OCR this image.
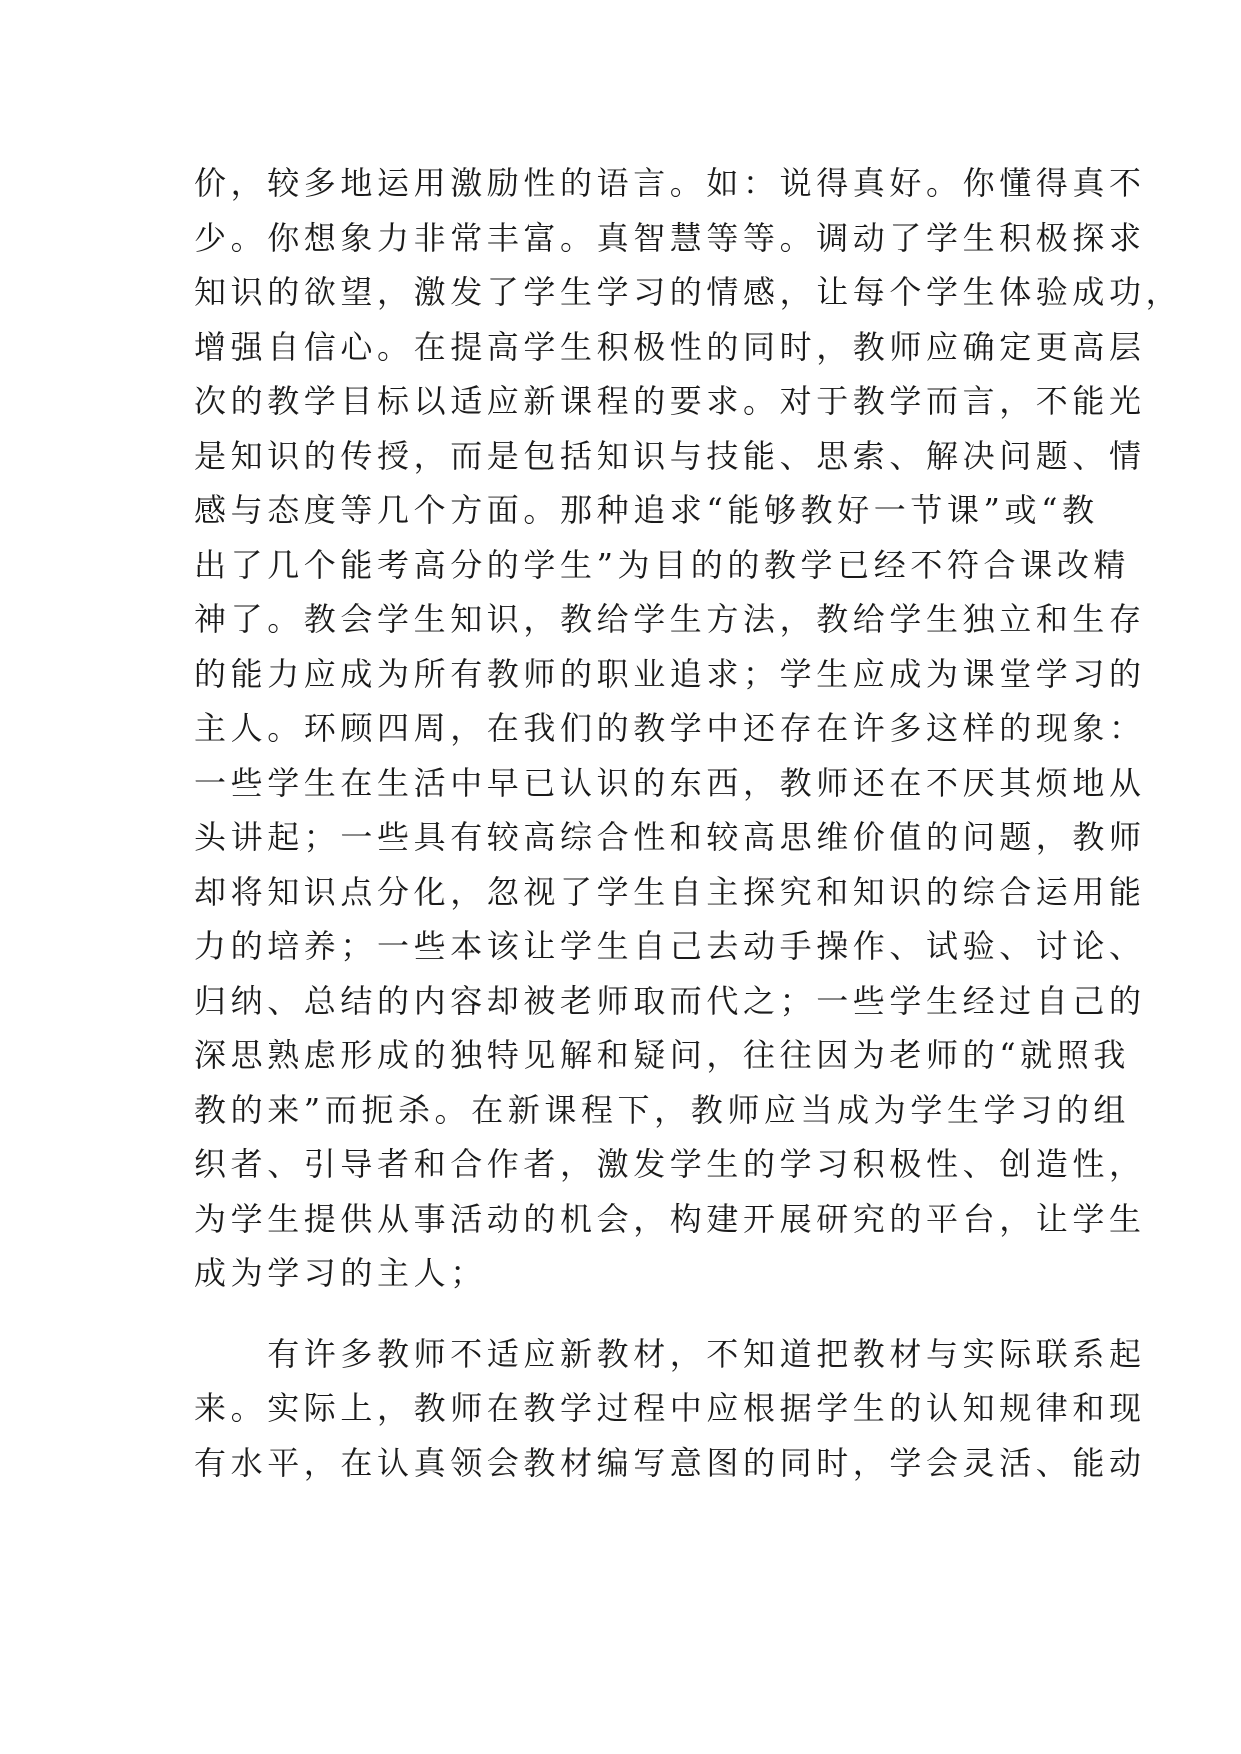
价，较多地运用激励性的语言。如：说得真好。你懂得真不
少。你想象力非常丰富。真智慧等等。调动了学生积极探求
知识的欲望，激发了学生学习的情感，让每个学生体验成功，
增强自信心。在提高学生积极性的同时，教师应确定更高层
次的教学目标以适应新课程的要求。对于教学而言，不能光
是知识的传授，而是包括知识与技能、思索、解决问题、情
感与态度等几个方面。那种追求“能够教好一节课”或“教
出了几个能考高分的学生”为目的的教学已经不符合课改精
神了。教会学生知识，教给学生方法，教给学生独立和生存
的能力应成为所有教师的职业追求；学生应成为课堂学习的
主人。环顾四周，在我们的教学中还存在许多这样的现象：
一些学生在生活中早已认识的东西，教师还在不厌其烦地从
头讲起；一些具有较高综合性和较高思维价值的问题，教师
却将知识点分化，忽视了学生自主探究和知识的综合运用能
力的培养；一些本该让学生自己去动手操作、试验、讨论、
归纳、总结的内容却被老师取而代之；一些学生经过自己的
深思熟虑形成的独特见解和疑问，往往因为老师的“就照我
教的来”而扼杀。在新课程下，教师应当成为学生学习的组
织者、引导者和合作者，激发学生的学习积极性、创造性，
为学生提供从事活动的机会，构建开展研究的平台，让学生
成为学习的主人；
　　有许多教师不适应新教材，不知道把教材与实际联系起
来。实际上，教师在教学过程中应根据学生的认知规律和现
有水平，在认真领会教材编写意图的同时，学会灵活、能动
